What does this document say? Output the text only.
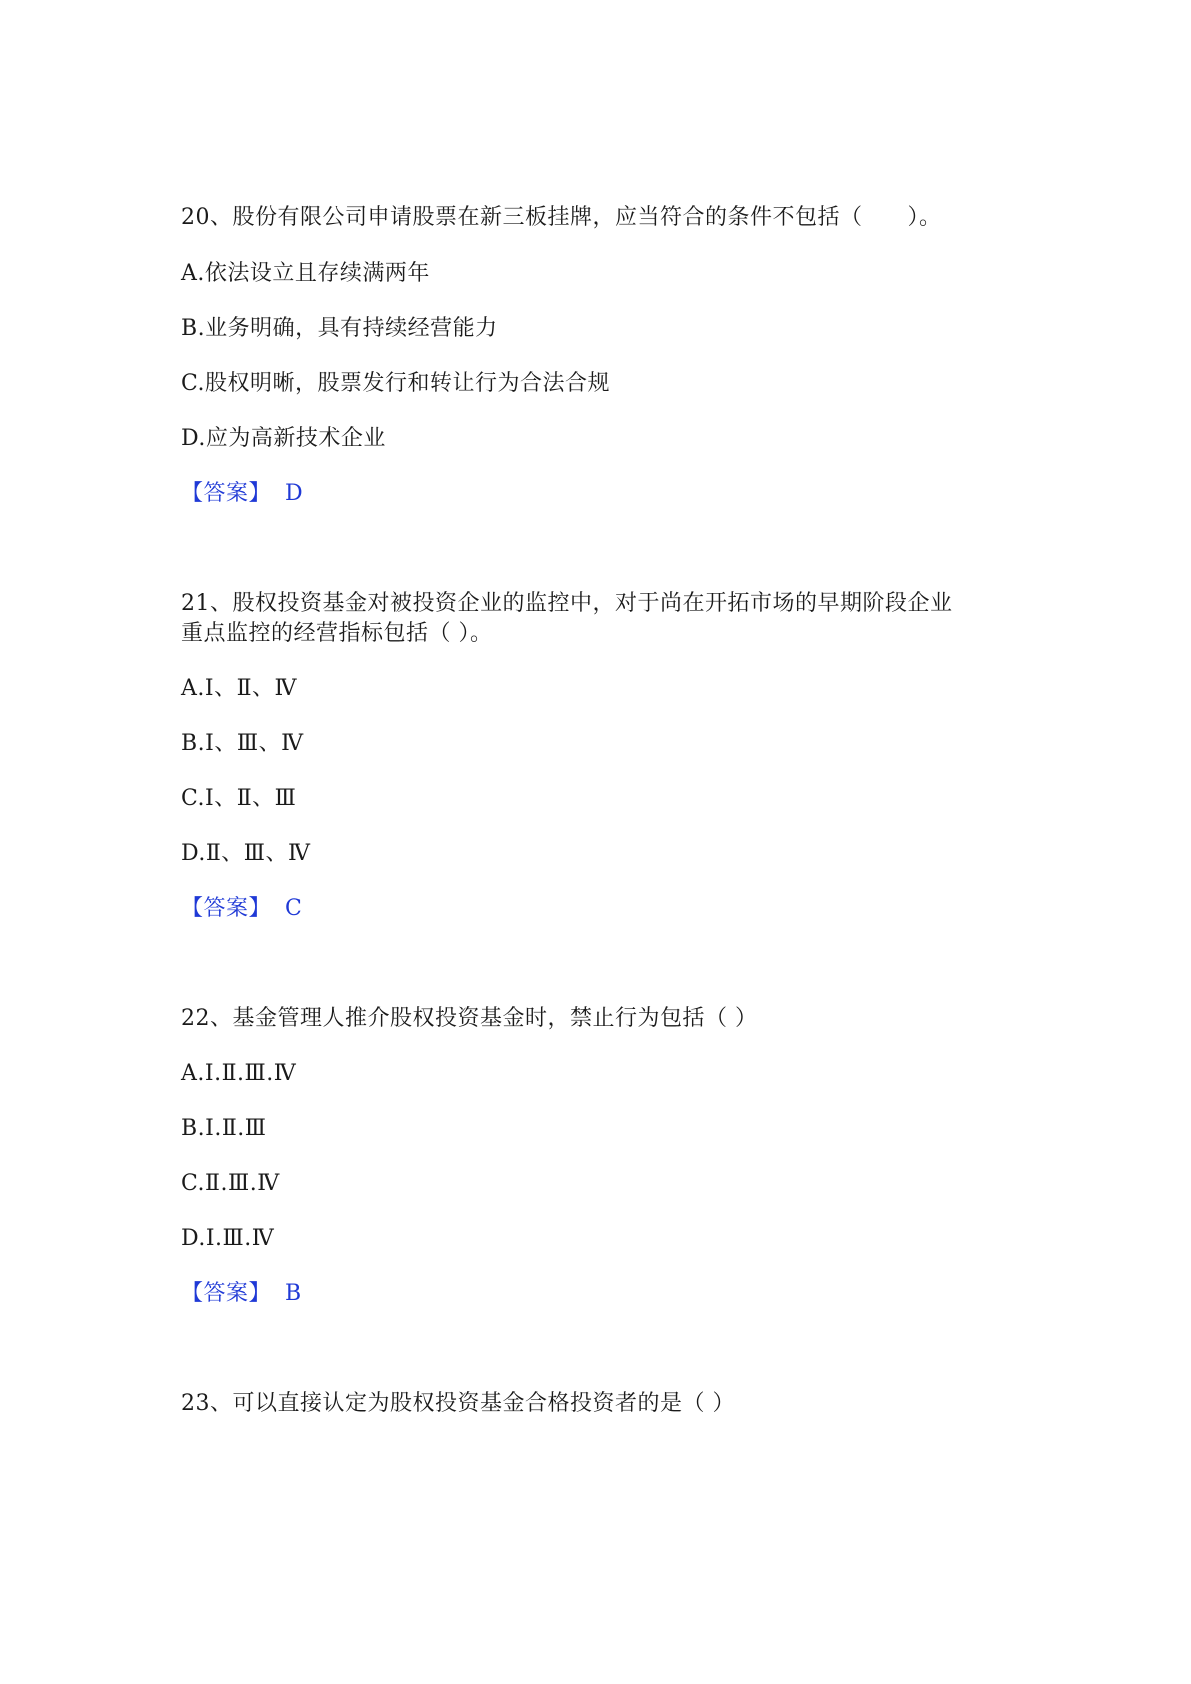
20、股份有限公司申请股票在新三板挂牌，应当符合的条件不包括（　　）。
A.依法设立且存续满两年
B.业务明确，具有持续经营能力
C.股权明晰，股票发行和转让行为合法合规
D.应为高新技术企业
【答案】 D
21、股权投资基金对被投资企业的监控中，对于尚在开拓市场的早期阶段企业
重点监控的经营指标包括（ ）。
A.Ⅰ、Ⅱ、Ⅳ
B.Ⅰ、Ⅲ、Ⅳ
C.Ⅰ、Ⅱ、Ⅲ
D.Ⅱ、Ⅲ、Ⅳ
【答案】 C
22、基金管理人推介股权投资基金时，禁止行为包括（ ）
A.Ⅰ.Ⅱ.Ⅲ.Ⅳ
B.Ⅰ.Ⅱ.Ⅲ
C.Ⅱ.Ⅲ.Ⅳ
D.Ⅰ.Ⅲ.Ⅳ
【答案】 B
23、可以直接认定为股权投资基金合格投资者的是（ ）
